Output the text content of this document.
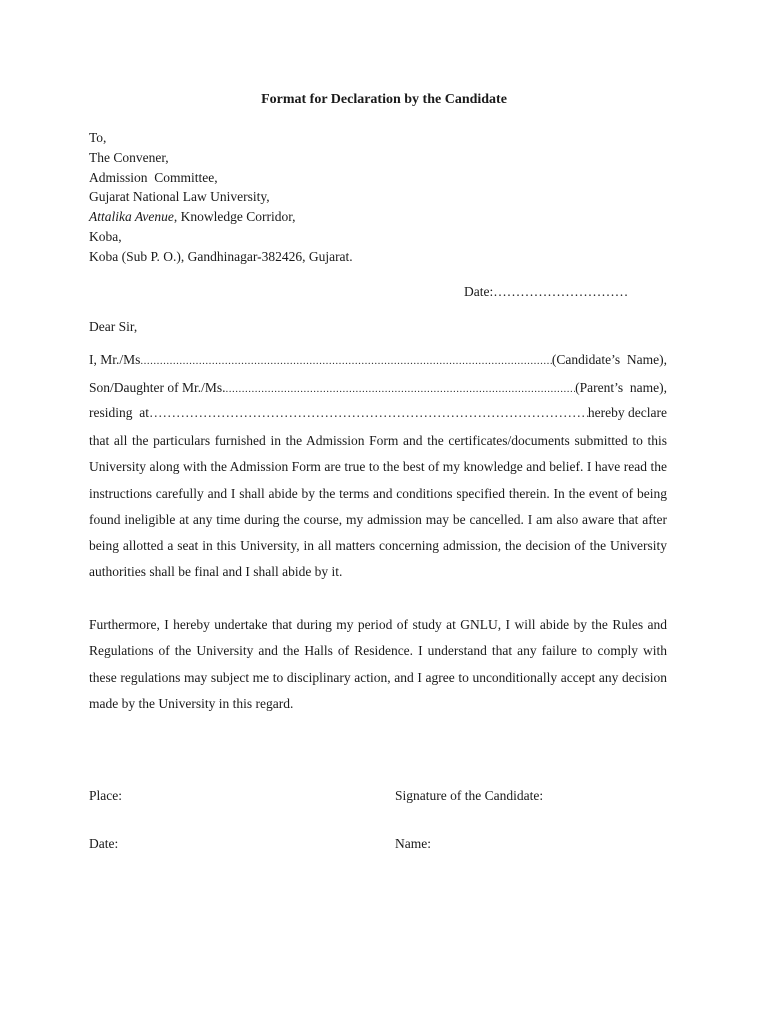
Format for Declaration by the Candidate
To,
The Convener,
Admission  Committee,
Gujarat National Law University,
Attalika Avenue, Knowledge Corridor,
Koba,
Koba (Sub P. O.), Gandhinagar-382426, Gujarat.
Date:…………………………
Dear Sir,
I, Mr./Ms .....	(Candidate’s  Name),
Son/Daughter of Mr./Ms. .....	(Parent’s  name),
residing  at …………………………………………………………………………………………………………………………………………………………………………	hereby declare
that all the particulars furnished in the Admission Form and the certificates/documents submitted to this University along with the Admission Form are true to the best of my knowledge and belief. I have read the instructions carefully and I shall abide by the terms and conditions specified therein. In the event of being found ineligible at any time during the course, my admission may be cancelled. I am also aware that after being allotted a seat in this University, in all matters concerning admission, the decision of the University authorities shall be final and I shall abide by it.
Furthermore, I hereby undertake that during my period of study at GNLU, I will abide by the Rules and Regulations of the University and the Halls of Residence. I understand that any failure to comply with these regulations may subject me to disciplinary action, and I agree to unconditionally accept any decision made by the University in this regard.
Place:	Signature of the Candidate:
Date:	Name:
